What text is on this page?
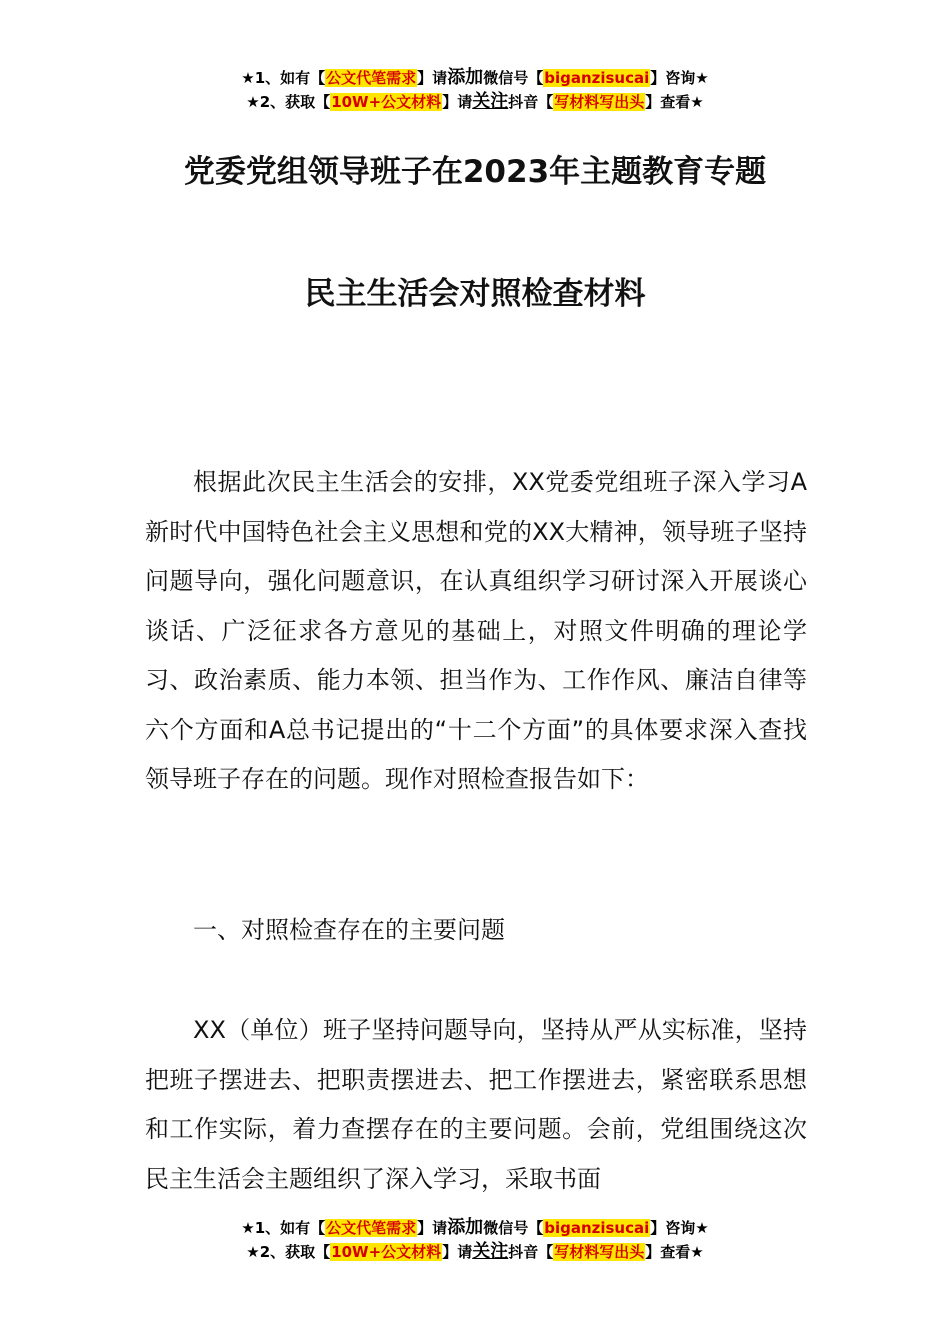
★1、如有【公文代笔需求】请添加微信号【biganzisucai】咨询★
★2、获取【10W+公文材料】请关注抖音【写材料写出头】查看★
党委党组领导班子在2023年主题教育专题
民主生活会对照检查材料

根据此次民主生活会的安排，XX党委党组班子深入学习A新时代中国特色社会主义思想和党的XX大精神，领导班子坚持问题导向，强化问题意识，在认真组织学习研讨深入开展谈心谈话、广泛征求各方意见的基础上，对照文件明确的理论学习、政治素质、能力本领、担当作为、工作作风、廉洁自律等六个方面和A总书记提出的“十二个方面”的具体要求深入查找领导班子存在的问题。现作对照检查报告如下：

一、对照检查存在的主要问题

XX（单位）班子坚持问题导向，坚持从严从实标准，坚持把班子摆进去、把职责摆进去、把工作摆进去，紧密联系思想和工作实际，着力查摆存在的主要问题。会前，党组围绕这次民主生活会主题组织了深入学习，采取书面

★1、如有【公文代笔需求】请添加微信号【biganzisucai】咨询★
★2、获取【10W+公文材料】请关注抖音【写材料写出头】查看★
